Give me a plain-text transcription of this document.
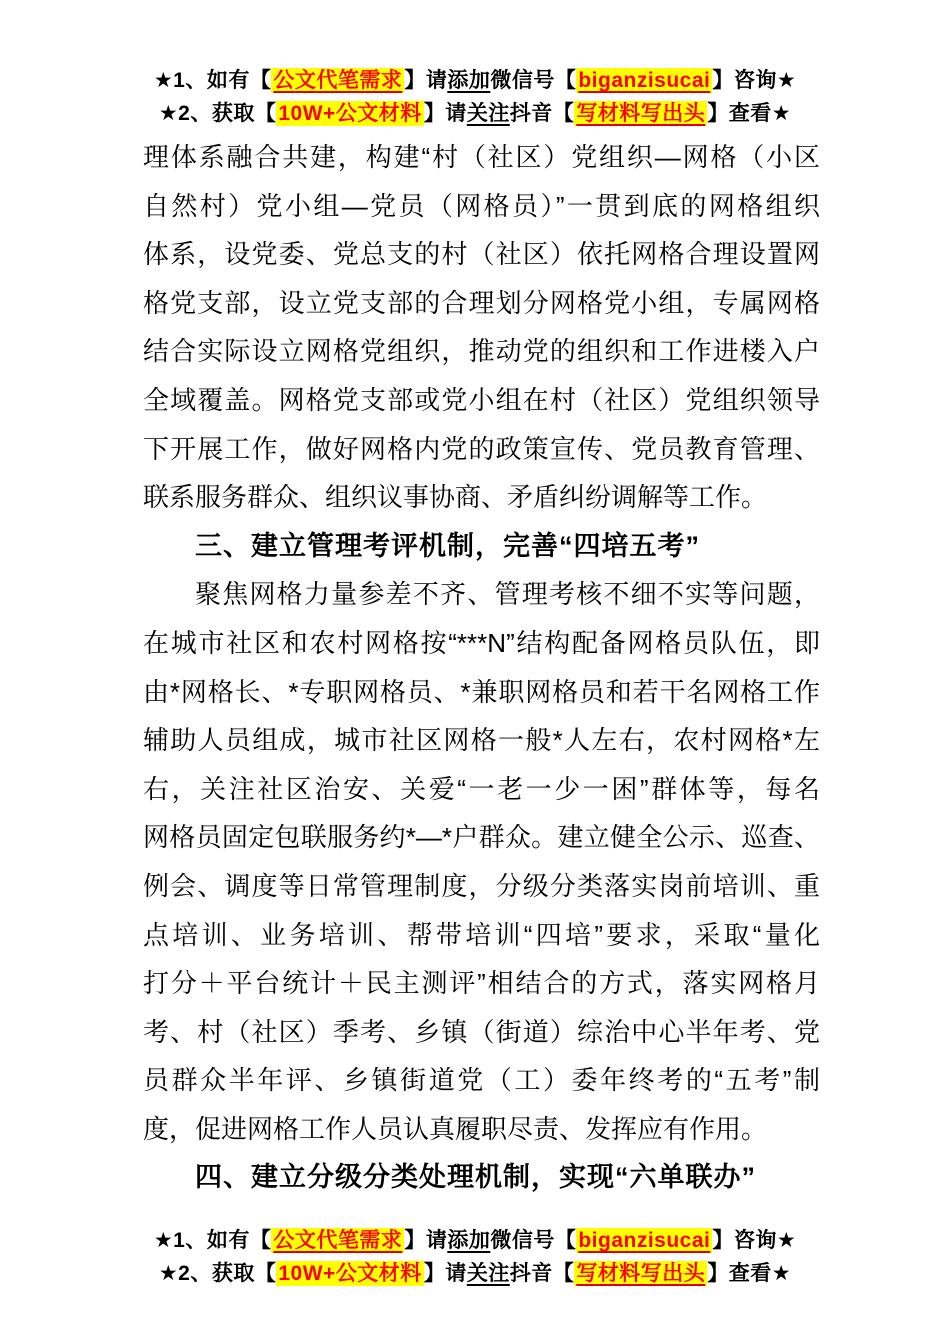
★1、如有【公文代笔需求】请添加微信号【biganzisucai】咨询★
★2、获取【10W+公文材料】请关注抖音【写材料写出头】查看★
理体系融合共建，构建“村（社区）党组织—网格（小区
自然村）党小组—党员（网格员）”一贯到底的网格组织
体系，设党委、党总支的村（社区）依托网格合理设置网
格党支部，设立党支部的合理划分网格党小组，专属网格
结合实际设立网格党组织，推动党的组织和工作进楼入户
全域覆盖。网格党支部或党小组在村（社区）党组织领导
下开展工作，做好网格内党的政策宣传、党员教育管理、
联系服务群众、组织议事协商、矛盾纠纷调解等工作。
三、建立管理考评机制，完善“四培五考”
聚焦网格力量参差不齐、管理考核不细不实等问题，
在城市社区和农村网格按“***N”结构配备网格员队伍，即
由*网格长、*专职网格员、*兼职网格员和若干名网格工作
辅助人员组成，城市社区网格一般*人左右，农村网格*左
右，关注社区治安、关爱“一老一少一困”群体等，每名
网格员固定包联服务约*—*户群众。建立健全公示、巡查、
例会、调度等日常管理制度，分级分类落实岗前培训、重
点培训、业务培训、帮带培训“四培”要求，采取“量化
打分＋平台统计＋民主测评”相结合的方式，落实网格月
考、村（社区）季考、乡镇（街道）综治中心半年考、党
员群众半年评、乡镇街道党（工）委年终考的“五考”制
度，促进网格工作人员认真履职尽责、发挥应有作用。
四、建立分级分类处理机制，实现“六单联办”
★1、如有【公文代笔需求】请添加微信号【biganzisucai】咨询★
★2、获取【10W+公文材料】请关注抖音【写材料写出头】查看★
